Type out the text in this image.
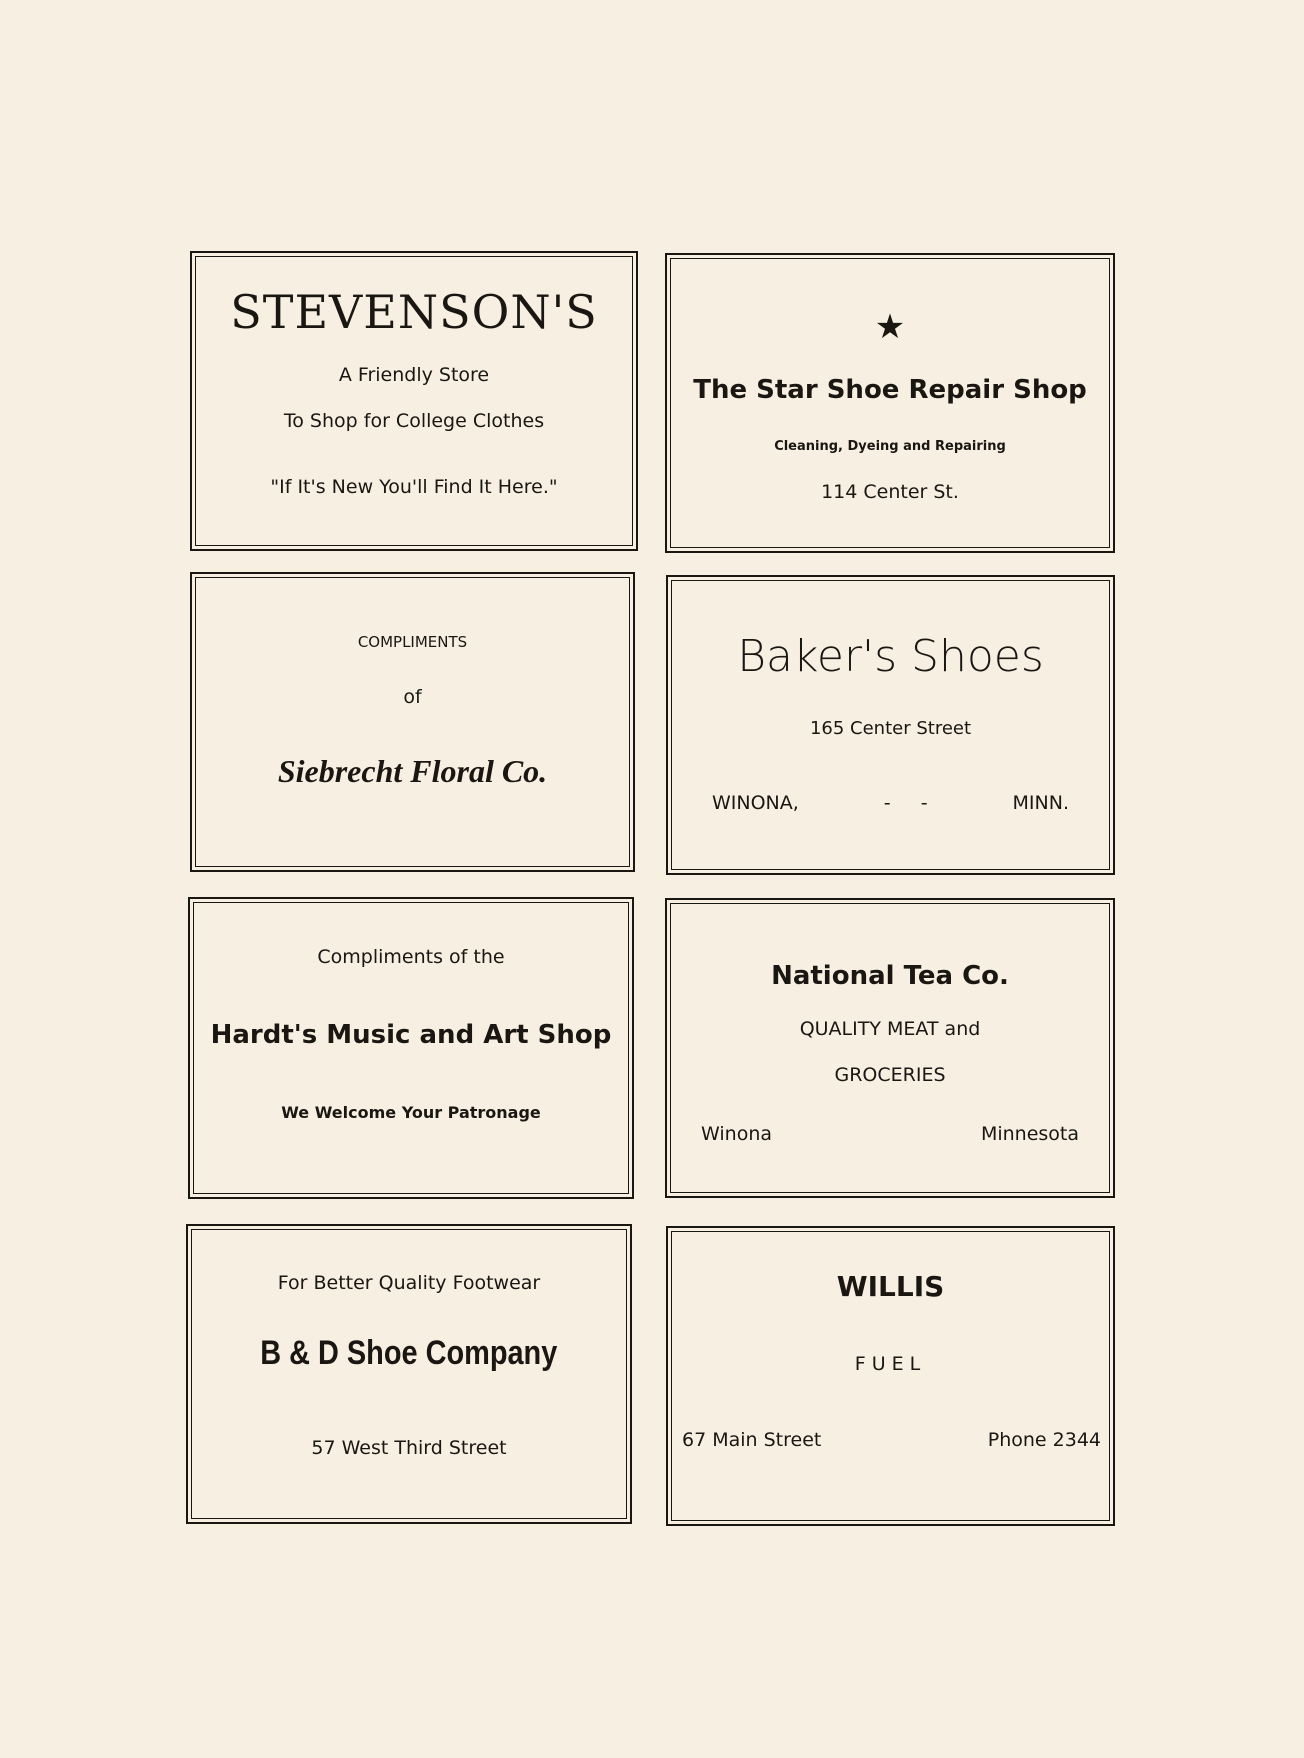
STEVENSON'S
A Friendly Store
To Shop for College Clothes
"If It's New You'll Find It Here."
★
The Star Shoe Repair Shop
Cleaning, Dyeing and Repairing
114 Center St.
COMPLIMENTS
of
Siebrecht Floral Co.
Baker's Shoes
165 Center Street
WINONA,	-     -	MINN.
Compliments of the
Hardt's Music and Art Shop
We Welcome Your Patronage
National Tea Co.
QUALITY MEAT and
GROCERIES
Winona	Minnesota
For Better Quality Footwear
B & D Shoe Company
57 West Third Street
WILLIS
FUEL
67 Main Street	Phone 2344
